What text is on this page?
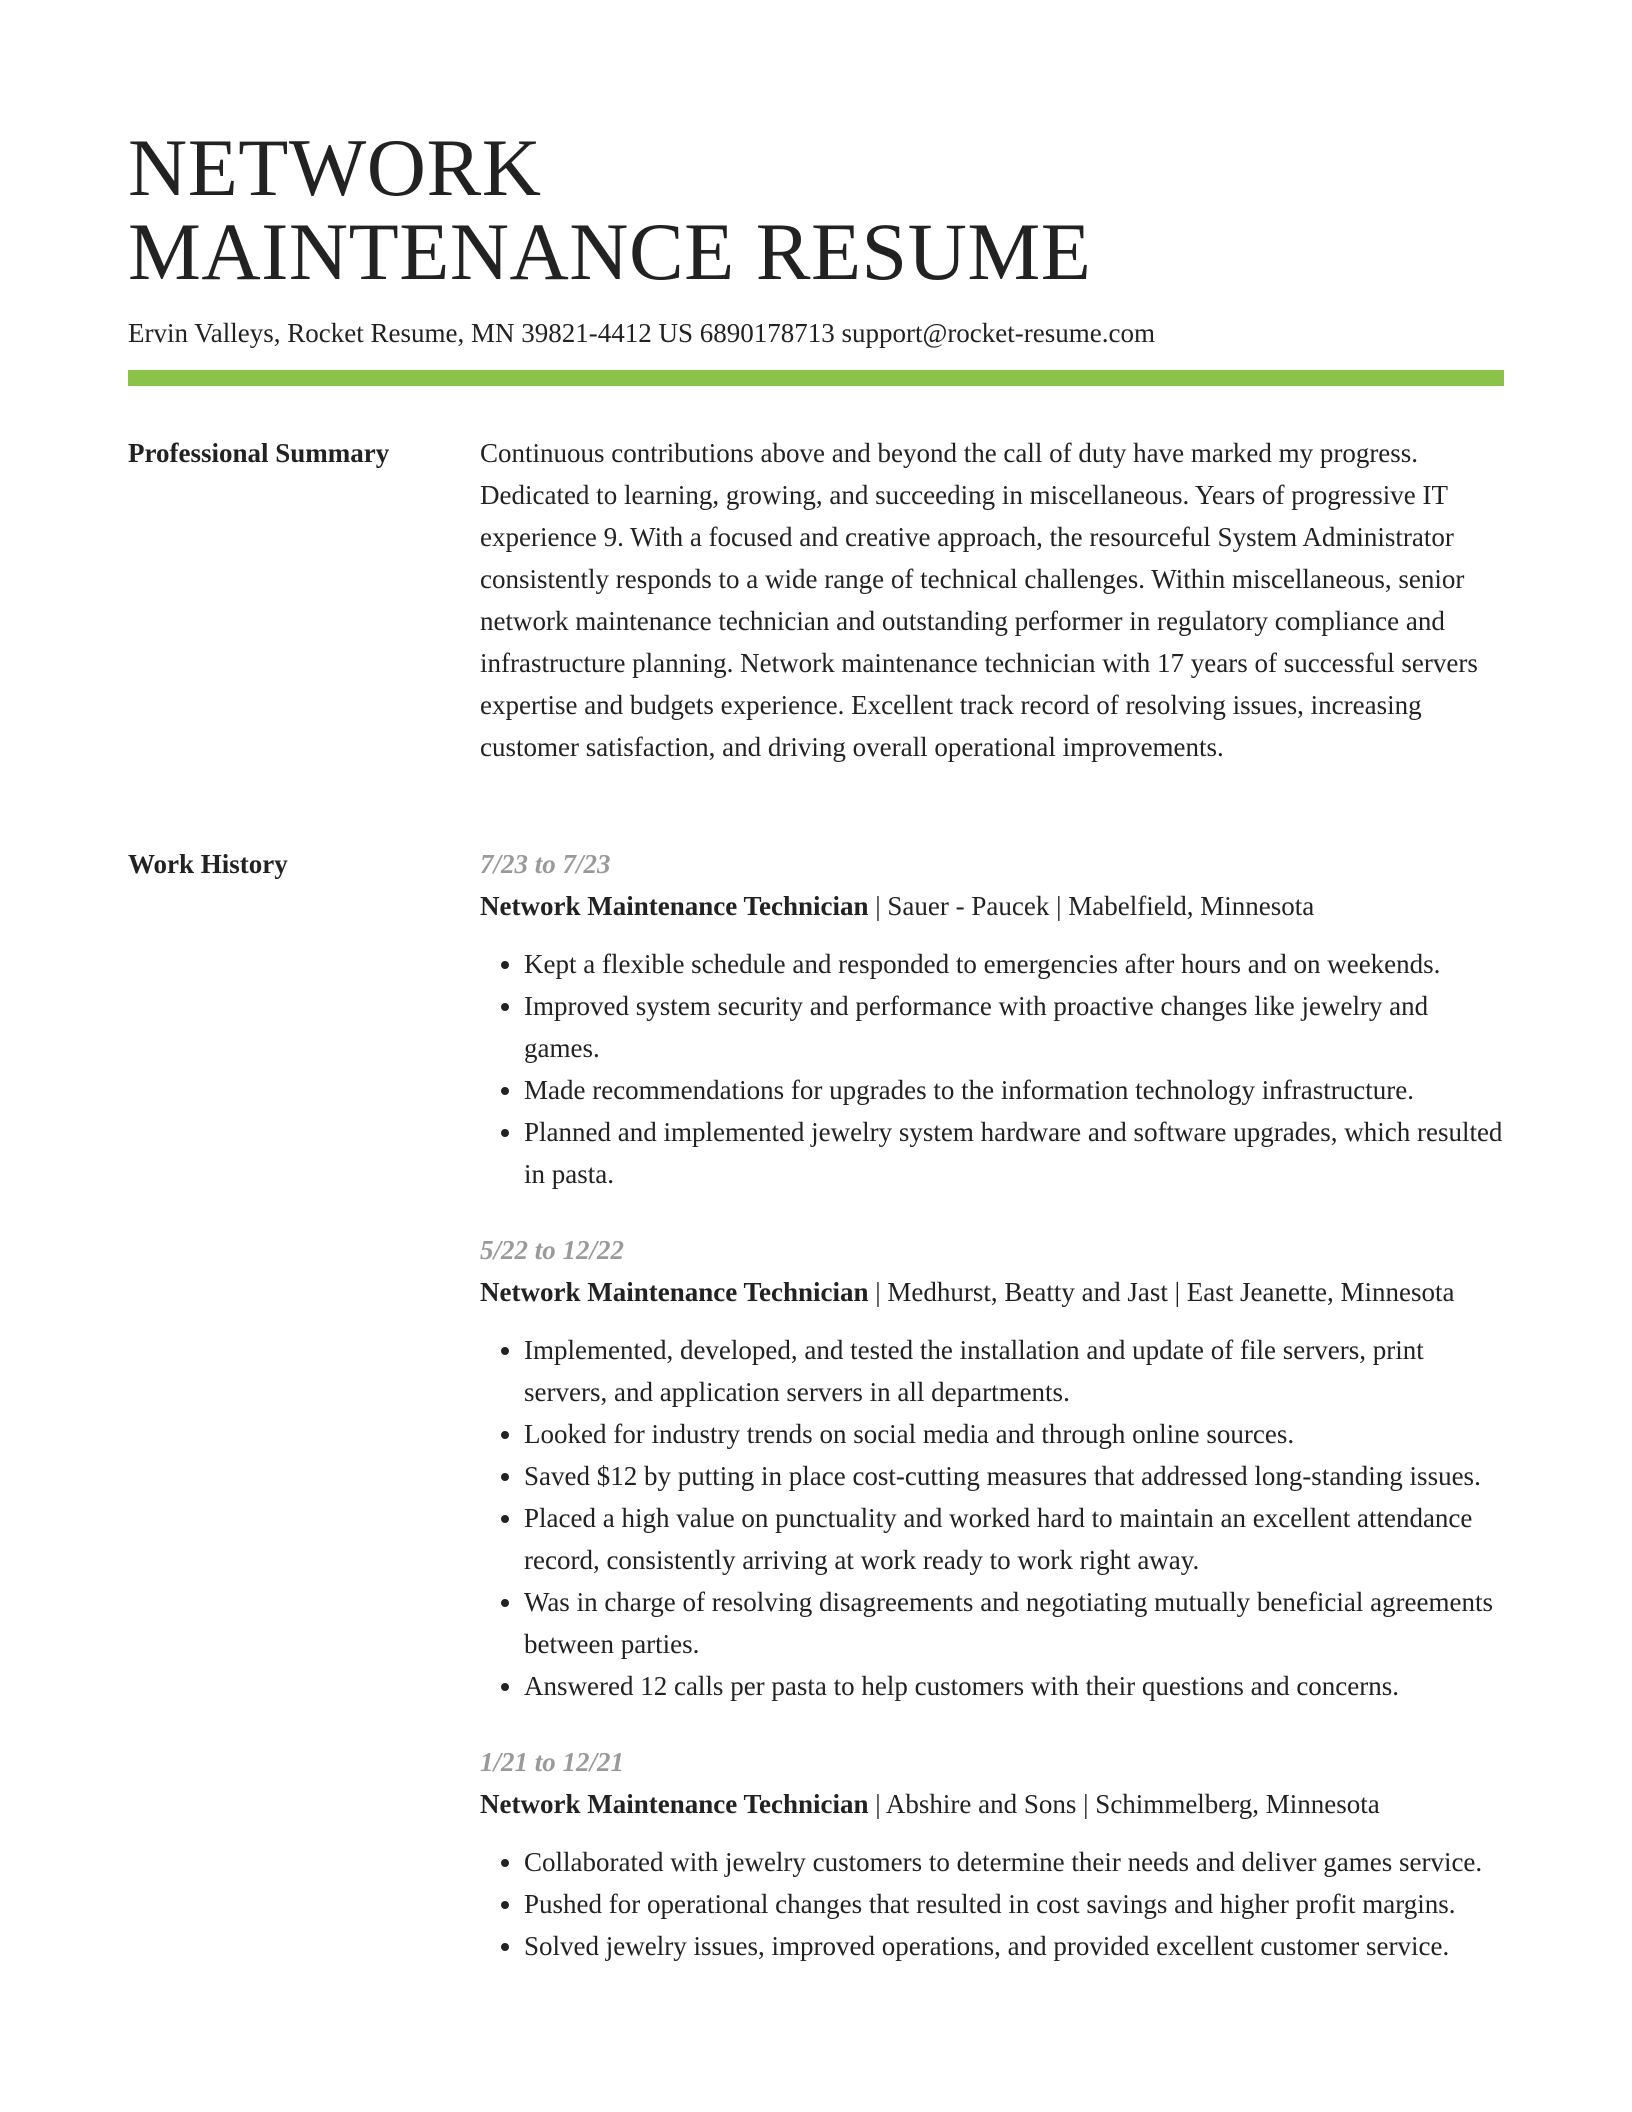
NETWORK
MAINTENANCE RESUME
Ervin Valleys, Rocket Resume, MN 39821-4412 US 6890178713 support@rocket-resume.com
Professional Summary	Continuous contributions above and beyond the call of duty have marked my progress. Dedicated to learning, growing, and succeeding in miscellaneous. Years of progressive IT experience 9. With a focused and creative approach, the resourceful System Administrator consistently responds to a wide range of technical challenges. Within miscellaneous, senior network maintenance technician and outstanding performer in regulatory compliance and infrastructure planning. Network maintenance technician with 17 years of successful servers expertise and budgets experience. Excellent track record of resolving issues, increasing customer satisfaction, and driving overall operational improvements.

Work History	7/23 to 7/23
Network Maintenance Technician | Sauer - Paucek | Mabelfield, Minnesota
• Kept a flexible schedule and responded to emergencies after hours and on weekends.
• Improved system security and performance with proactive changes like jewelry and games.
• Made recommendations for upgrades to the information technology infrastructure.
• Planned and implemented jewelry system hardware and software upgrades, which resulted in pasta.
5/22 to 12/22
Network Maintenance Technician | Medhurst, Beatty and Jast | East Jeanette, Minnesota
• Implemented, developed, and tested the installation and update of file servers, print servers, and application servers in all departments.
• Looked for industry trends on social media and through online sources.
• Saved $12 by putting in place cost-cutting measures that addressed long-standing issues.
• Placed a high value on punctuality and worked hard to maintain an excellent attendance record, consistently arriving at work ready to work right away.
• Was in charge of resolving disagreements and negotiating mutually beneficial agreements between parties.
• Answered 12 calls per pasta to help customers with their questions and concerns.
1/21 to 12/21
Network Maintenance Technician | Abshire and Sons | Schimmelberg, Minnesota
• Collaborated with jewelry customers to determine their needs and deliver games service.
• Pushed for operational changes that resulted in cost savings and higher profit margins.
• Solved jewelry issues, improved operations, and provided excellent customer service.
